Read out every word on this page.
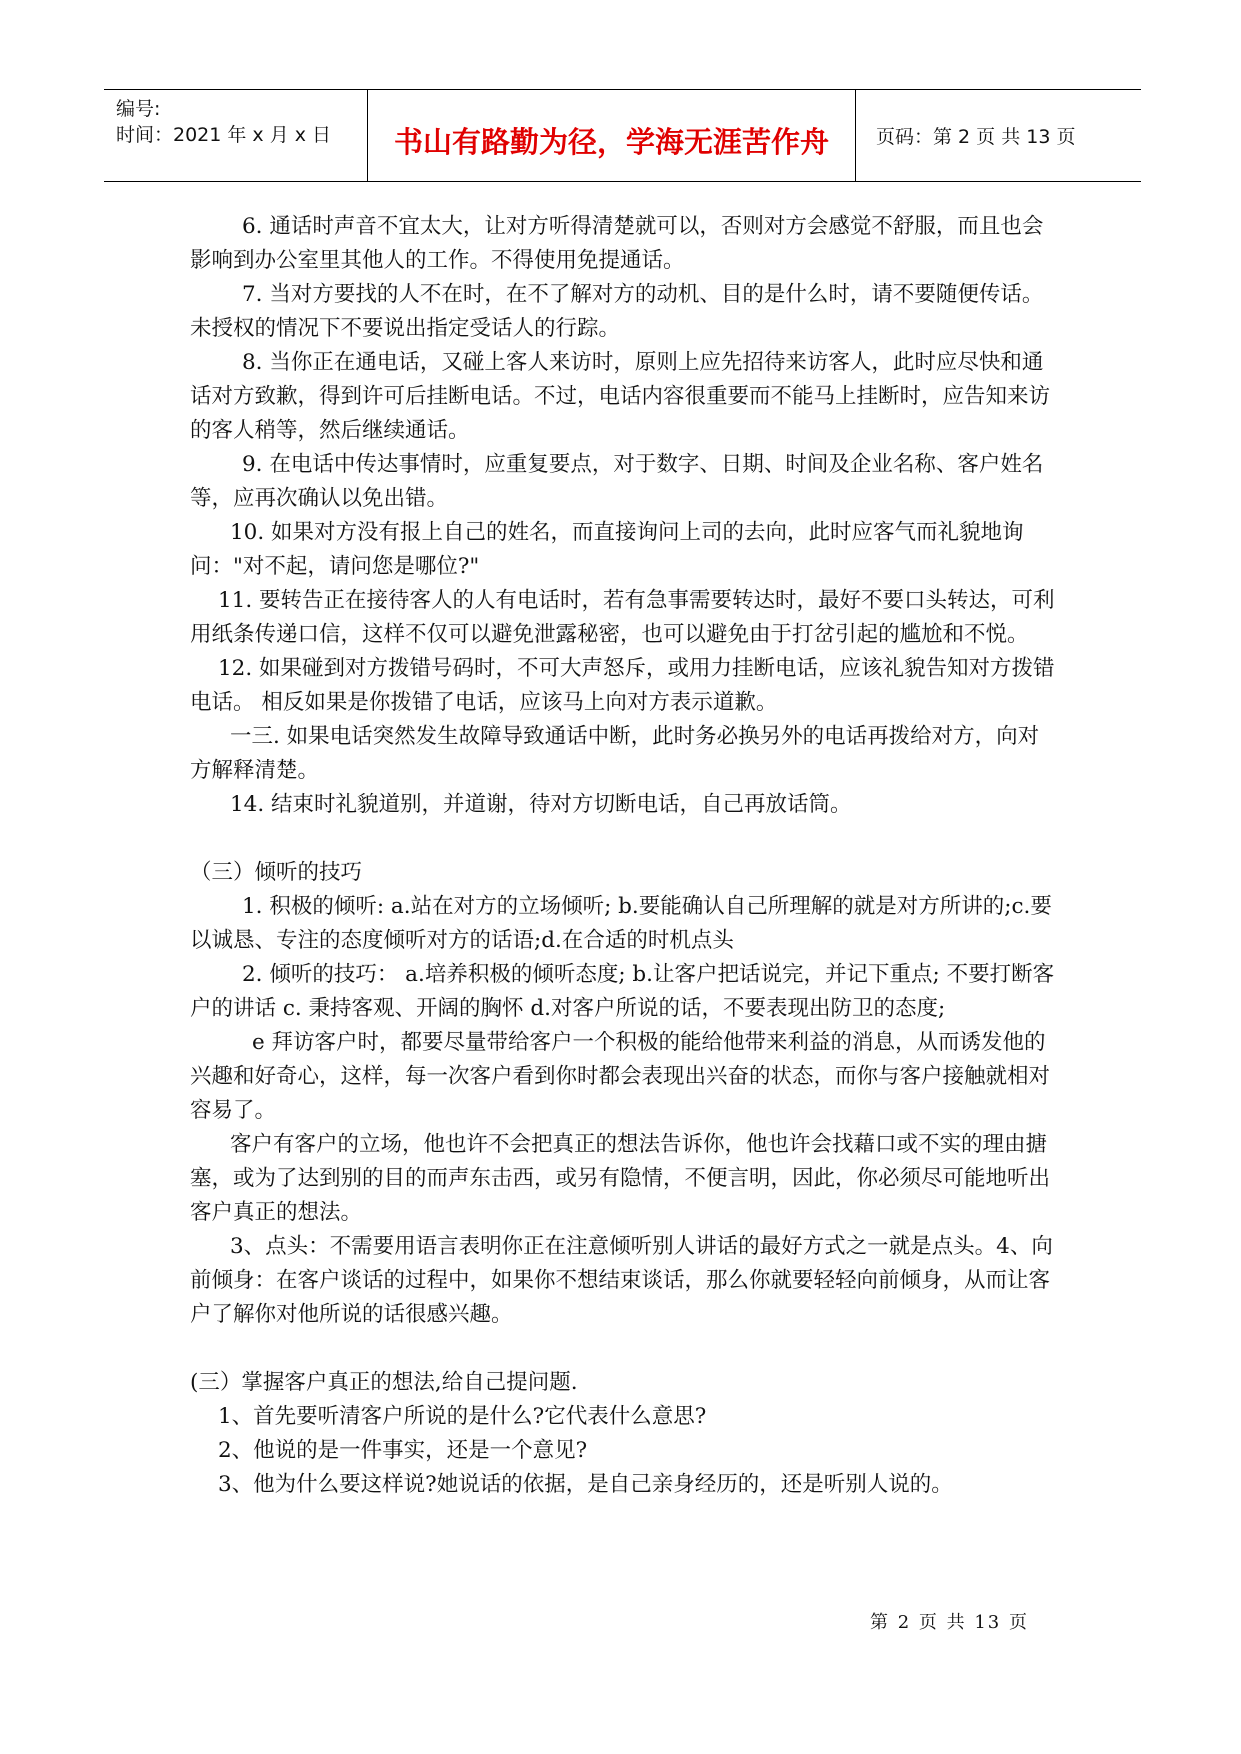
编号:
时间：2021 年 x 月 x 日	书山有路勤为径，学海无涯苦作舟	页码：第 2 页 共 13 页

6. 通话时声音不宜太大，让对方听得清楚就可以，否则对方会感觉不舒服，而且也会影响到办公室里其他人的工作。不得使用免提通话。

7. 当对方要找的人不在时，在不了解对方的动机、目的是什么时，请不要随便传话。未授权的情况下不要说出指定受话人的行踪。

8. 当你正在通电话，又碰上客人来访时，原则上应先招待来访客人，此时应尽快和通话对方致歉，得到许可后挂断电话。不过，电话内容很重要而不能马上挂断时，应告知来访的客人稍等，然后继续通话。

9. 在电话中传达事情时，应重复要点，对于数字、日期、时间及企业名称、客户姓名等，应再次确认以免出错。

10. 如果对方没有报上自己的姓名，而直接询问上司的去向，此时应客气而礼貌地询问："对不起，请问您是哪位?"

11. 要转告正在接待客人的人有电话时，若有急事需要转达时，最好不要口头转达，可利用纸条传递口信，这样不仅可以避免泄露秘密，也可以避免由于打岔引起的尴尬和不悦。

12. 如果碰到对方拨错号码时，不可大声怒斥，或用力挂断电话，应该礼貌告知对方拨错电话。 相反如果是你拨错了电话，应该马上向对方表示道歉。

一三. 如果电话突然发生故障导致通话中断，此时务必换另外的电话再拨给对方，向对方解释清楚。

14. 结束时礼貌道别，并道谢，待对方切断电话，自己再放话筒。

（三）倾听的技巧

1. 积极的倾听: a.站在对方的立场倾听; b.要能确认自己所理解的就是对方所讲的;c.要以诚恳、专注的态度倾听对方的话语;d.在合适的时机点头

2. 倾听的技巧： a.培养积极的倾听态度; b.让客户把话说完，并记下重点; 不要打断客户的讲话 c. 秉持客观、开阔的胸怀 d.对客户所说的话，不要表现出防卫的态度;

e 拜访客户时，都要尽量带给客户一个积极的能给他带来利益的消息，从而诱发他的兴趣和好奇心，这样，每一次客户看到你时都会表现出兴奋的状态，而你与客户接触就相对容易了。

客户有客户的立场，他也许不会把真正的想法告诉你，他也许会找藉口或不实的理由搪塞，或为了达到别的目的而声东击西，或另有隐情，不便言明，因此，你必须尽可能地听出客户真正的想法。

3、点头：不需要用语言表明你正在注意倾听别人讲话的最好方式之一就是点头。4、向前倾身：在客户谈话的过程中，如果你不想结束谈话，那么你就要轻轻向前倾身，从而让客户了解你对他所说的话很感兴趣。

(三）掌握客户真正的想法,给自己提问题.

1、首先要听清客户所说的是什么?它代表什么意思?

2、他说的是一件事实，还是一个意见?

3、他为什么要这样说?她说话的依据，是自己亲身经历的，还是听别人说的。

第 2 页 共 13 页
